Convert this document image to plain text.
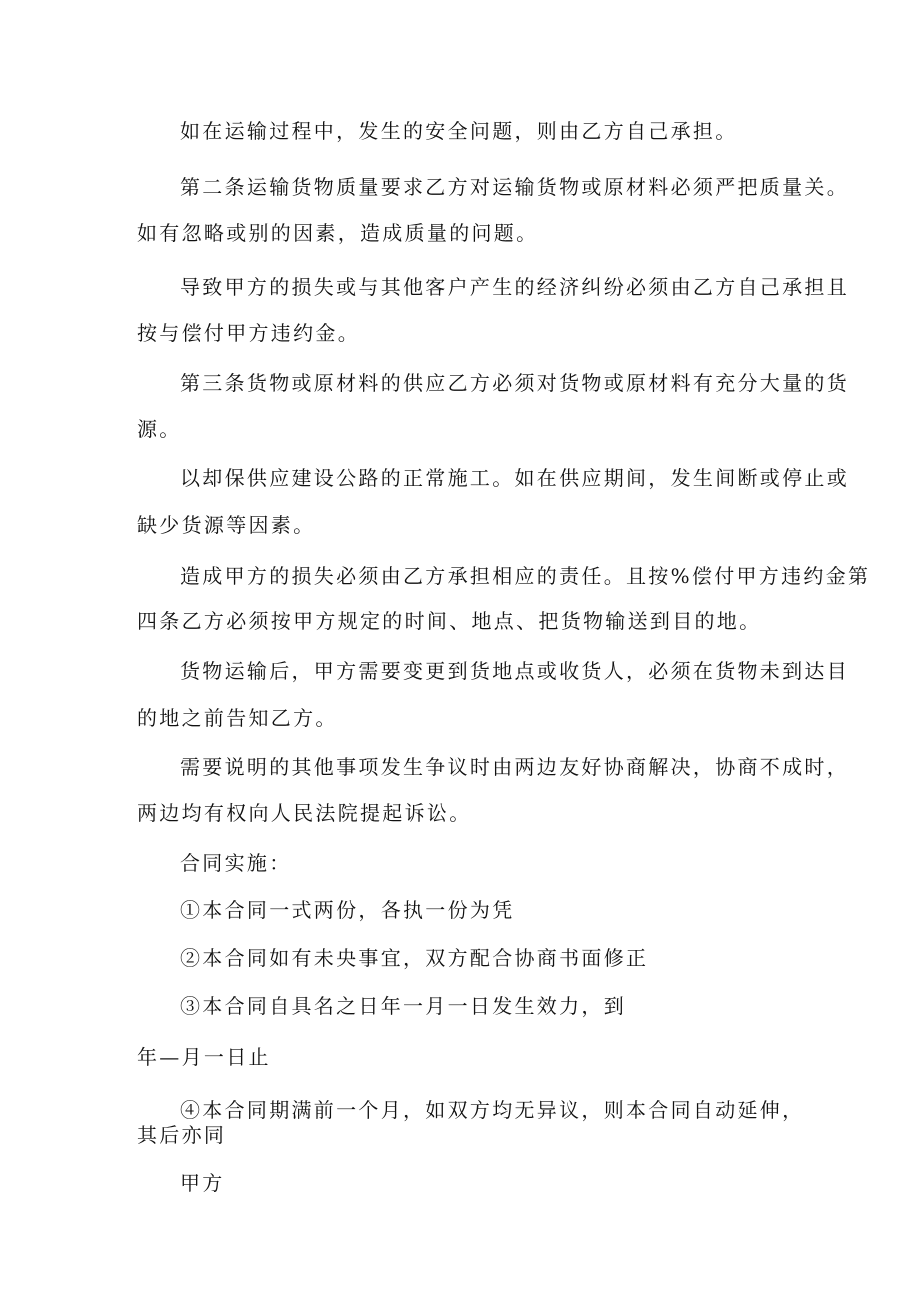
如在运输过程中，发生的安全问题，则由乙方自己承担。

第二条运输货物质量要求乙方对运输货物或原材料必须严把质量关。

如有忽略或别的因素，造成质量的问题。

导致甲方的损失或与其他客户产生的经济纠纷必须由乙方自己承担且

按与偿付甲方违约金。

第三条货物或原材料的供应乙方必须对货物或原材料有充分大量的货

源。

以却保供应建设公路的正常施工。如在供应期间，发生间断或停止或

缺少货源等因素。

造成甲方的损失必须由乙方承担相应的责任。且按%偿付甲方违约金第

四条乙方必须按甲方规定的时间、地点、把货物输送到目的地。

货物运输后，甲方需要变更到货地点或收货人，必须在货物未到达目

的地之前告知乙方。

需要说明的其他事项发生争议时由两边友好协商解决，协商不成时，

两边均有权向人民法院提起诉讼。

合同实施：

①本合同一式两份，各执一份为凭

②本合同如有未央事宜，双方配合协商书面修正

③本合同自具名之日年一月一日发生效力，到

年—月一日止

④本合同期满前一个月，如双方均无异议，则本合同自动延伸，

其后亦同

甲方
